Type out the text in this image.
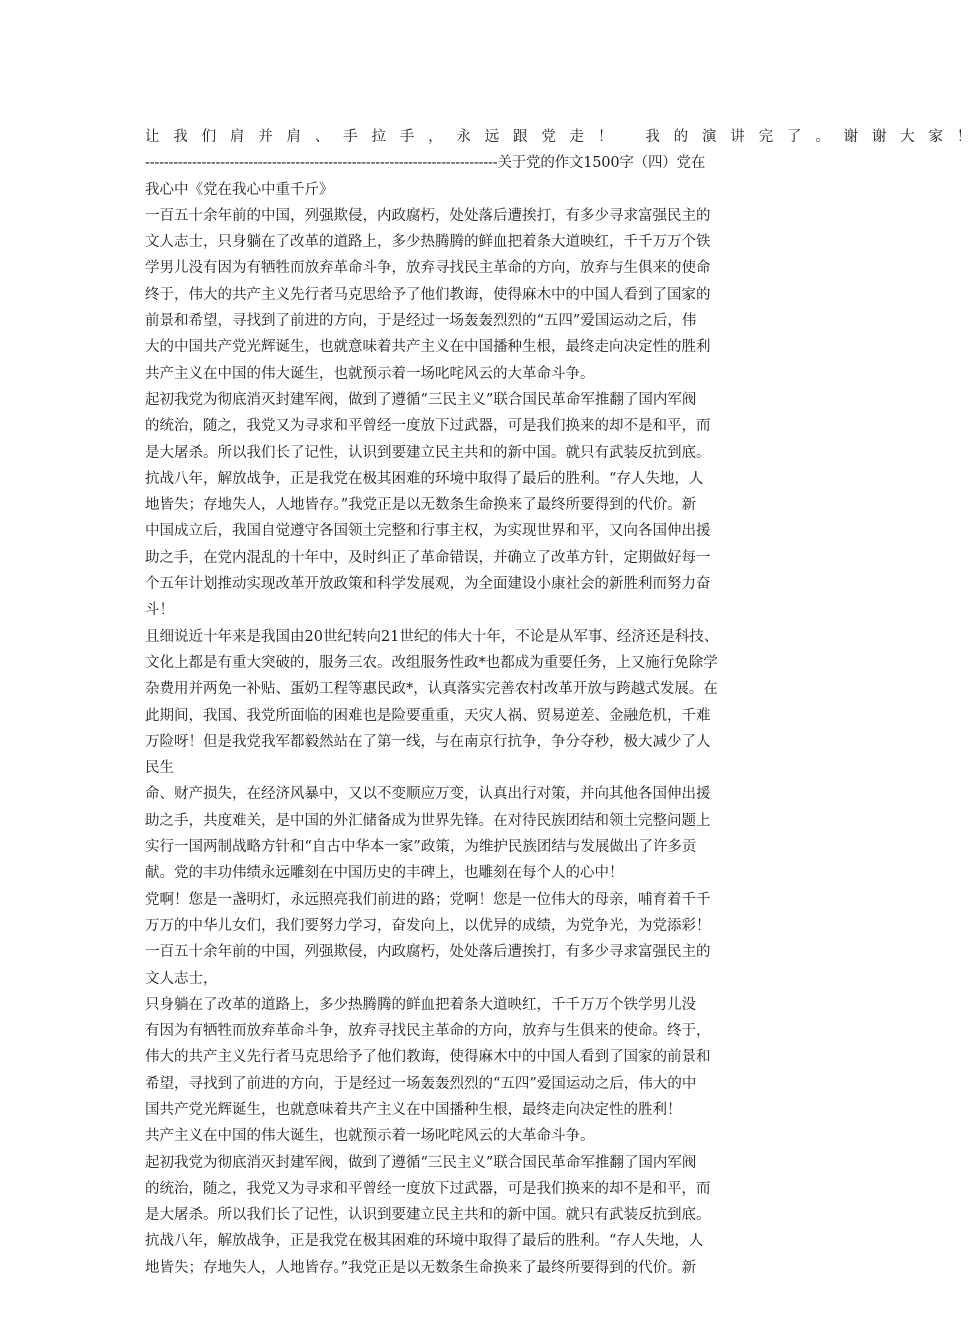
让 我 们 肩 并 肩 、 手 拉 手 ， 永 远 跟 党 走 ！　 我 的 演 讲 完 了 。 谢 谢 大 家 ！
---------------------------------------------------------------------------关于党的作文1500字（四）党在
我心中《党在我心中重千斤》
一百五十余年前的中国，列强欺侵，内政腐朽，处处落后遭挨打，有多少寻求富强民主的
文人志士，只身躺在了改革的道路上，多少热腾腾的鲜血把着条大道映红，千千万万个铁
学男儿没有因为有牺牲而放弃革命斗争，放弃寻找民主革命的方向，放弃与生俱来的使命
终于，伟大的共产主义先行者马克思给予了他们教诲，使得麻木中的中国人看到了国家的
前景和希望，寻找到了前进的方向，于是经过一场轰轰烈烈的“五四”爱国运动之后，伟
大的中国共产党光辉诞生，也就意味着共产主义在中国播种生根，最终走向决定性的胜利
共产主义在中国的伟大诞生，也就预示着一场叱咤风云的大革命斗争。
起初我党为彻底消灭封建军阀，做到了遵循“三民主义”联合国民革命军推翻了国内军阀
的统治，随之，我党又为寻求和平曾经一度放下过武器，可是我们换来的却不是和平，而
是大屠杀。所以我们长了记性，认识到要建立民主共和的新中国。就只有武装反抗到底。
抗战八年，解放战争，正是我党在极其困难的环境中取得了最后的胜利。“存人失地，人
地皆失；存地失人，人地皆存。”我党正是以无数条生命换来了最终所要得到的代价。新
中国成立后，我国自觉遵守各国领土完整和行事主权，为实现世界和平，又向各国伸出援
助之手，在党内混乱的十年中，及时纠正了革命错误，并确立了改革方针，定期做好每一
个五年计划推动实现改革开放政策和科学发展观，为全面建设小康社会的新胜利而努力奋
斗！
且细说近十年来是我国由20世纪转向21世纪的伟大十年，不论是从军事、经济还是科技、
文化上都是有重大突破的，服务三农。改组服务性政*也都成为重要任务，上又施行免除学
杂费用并两免一补贴、蛋奶工程等惠民政*，认真落实完善农村改革开放与跨越式发展。在
此期间，我国、我党所面临的困难也是险要重重，天灾人祸、贸易逆差、金融危机，千难
万险呀！但是我党我军都毅然站在了第一线，与在南京行抗争，争分夺秒，极大减少了人
民生
命、财产损失，在经济风暴中，又以不变顺应万变，认真出行对策，并向其他各国伸出援
助之手，共度难关，是中国的外汇储备成为世界先锋。在对待民族团结和领土完整问题上
实行一国两制战略方针和“自古中华本一家”政策，为维护民族团结与发展做出了许多贡
献。党的丰功伟绩永远雕刻在中国历史的丰碑上，也雕刻在每个人的心中！
党啊！您是一盏明灯，永远照亮我们前进的路；党啊！您是一位伟大的母亲，哺育着千千
万万的中华儿女们，我们要努力学习，奋发向上，以优异的成绩，为党争光，为党添彩！
一百五十余年前的中国，列强欺侵，内政腐朽，处处落后遭挨打，有多少寻求富强民主的
文人志士，
只身躺在了改革的道路上，多少热腾腾的鲜血把着条大道映红，千千万万个铁学男儿没
有因为有牺牲而放弃革命斗争，放弃寻找民主革命的方向，放弃与生俱来的使命。终于，
伟大的共产主义先行者马克思给予了他们教诲，使得麻木中的中国人看到了国家的前景和
希望，寻找到了前进的方向，于是经过一场轰轰烈烈的“五四”爱国运动之后，伟大的中
国共产党光辉诞生，也就意味着共产主义在中国播种生根，最终走向决定性的胜利！
共产主义在中国的伟大诞生，也就预示着一场叱咤风云的大革命斗争。
起初我党为彻底消灭封建军阀，做到了遵循“三民主义”联合国民革命军推翻了国内军阀
的统治，随之，我党又为寻求和平曾经一度放下过武器，可是我们换来的却不是和平，而
是大屠杀。所以我们长了记性，认识到要建立民主共和的新中国。就只有武装反抗到底。
抗战八年，解放战争，正是我党在极其困难的环境中取得了最后的胜利。“存人失地，人
地皆失；存地失人，人地皆存。”我党正是以无数条生命换来了最终所要得到的代价。新
